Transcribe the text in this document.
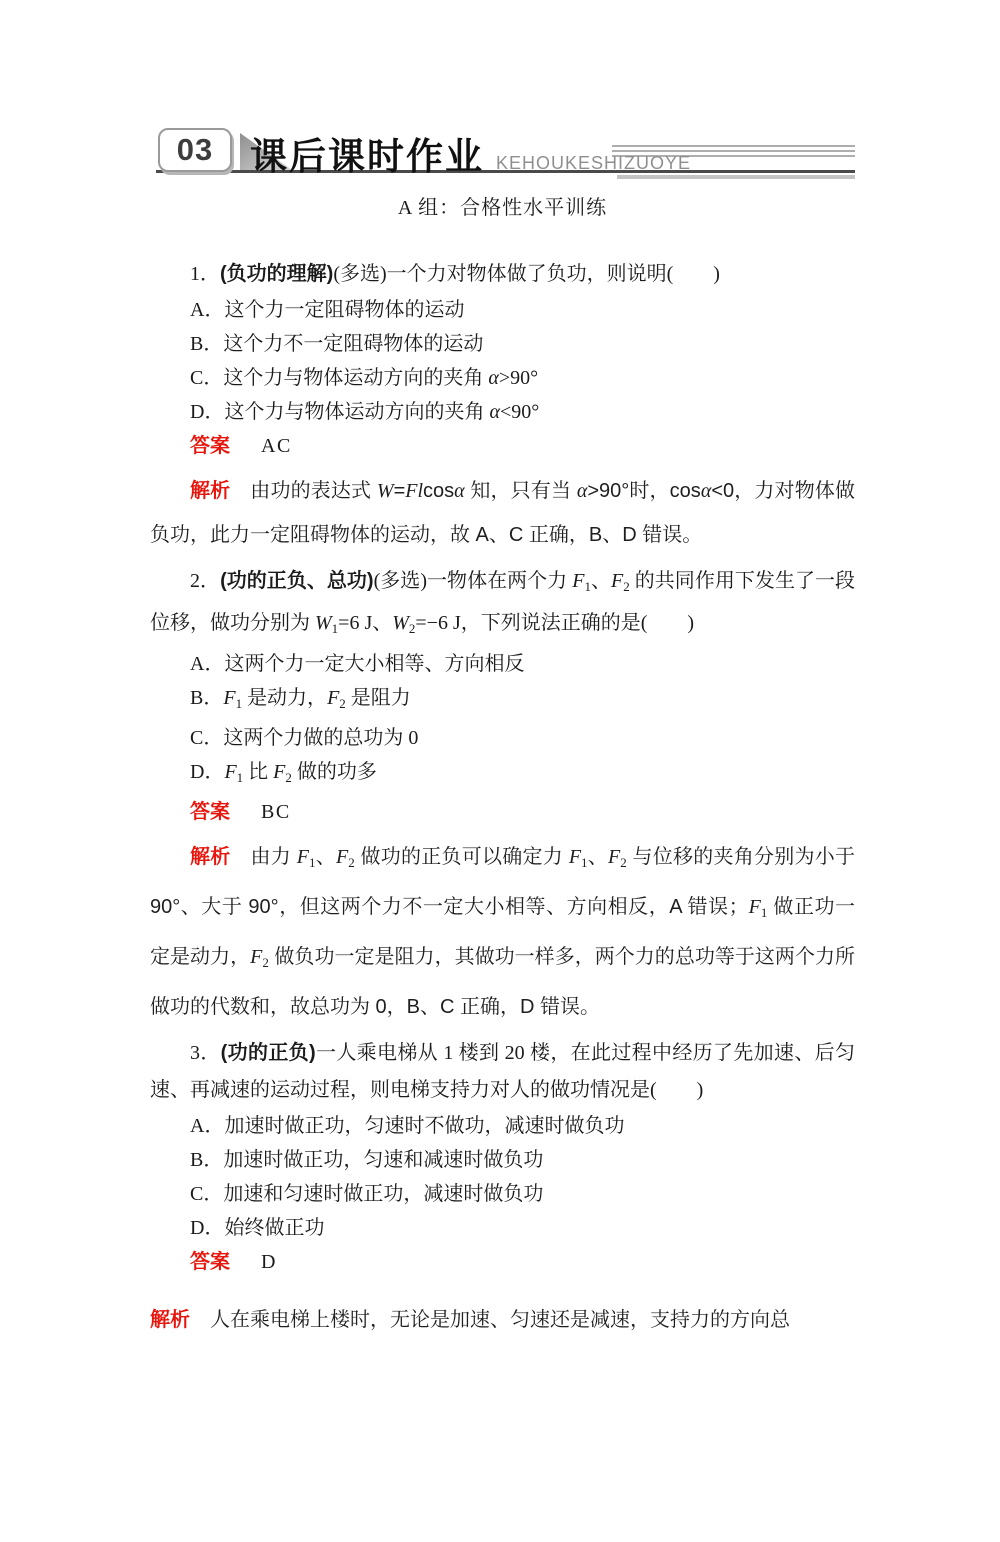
03 课后课时作业 KEHOUKESHIZUOYE
A 组：合格性水平训练

1．(负功的理解)(多选)一个力对物体做了负功，则说明(　　)

A．这个力一定阻碍物体的运动
B．这个力不一定阻碍物体的运动
C．这个力与物体运动方向的夹角 α>90°
D．这个力与物体运动方向的夹角 α<90°

答案 AC

解析 由功的表达式 W=Flcosα 知，只有当 α>90°时，cosα<0，力对物体做负功，此力一定阻碍物体的运动，故 A、C 正确，B、D 错误。

2．(功的正负、总功)(多选)一物体在两个力 $F_1$、$F_2$ 的共同作用下发生了一段位移，做功分别为 $W_1=6$ J、$W_2=-6$ J，下列说法正确的是(　　)

A．这两个力一定大小相等、方向相反
B．$F_1$ 是动力，$F_2$ 是阻力
C．这两个力做的总功为 0
D．$F_1$ 比 $F_2$ 做的功多

答案 BC

解析 由力 $F_1$、$F_2$ 做功的正负可以确定力 $F_1$、$F_2$ 与位移的夹角分别为小于 90°、大于 90°，但这两个力不一定大小相等、方向相反，A 错误；$F_1$ 做正功一定是动力，$F_2$ 做负功一定是阻力，其做功一样多，两个力的总功等于这两个力所做功的代数和，故总功为 0，B、C 正确，D 错误。

3．(功的正负)一人乘电梯从 1 楼到 20 楼，在此过程中经历了先加速、后匀速、再减速的运动过程，则电梯支持力对人的做功情况是(　　)

A．加速时做正功，匀速时不做功，减速时做负功
B．加速时做正功，匀速和减速时做负功
C．加速和匀速时做正功，减速时做负功
D．始终做正功

答案 D

解析 人在乘电梯上楼时，无论是加速、匀速还是减速，支持力的方向总
